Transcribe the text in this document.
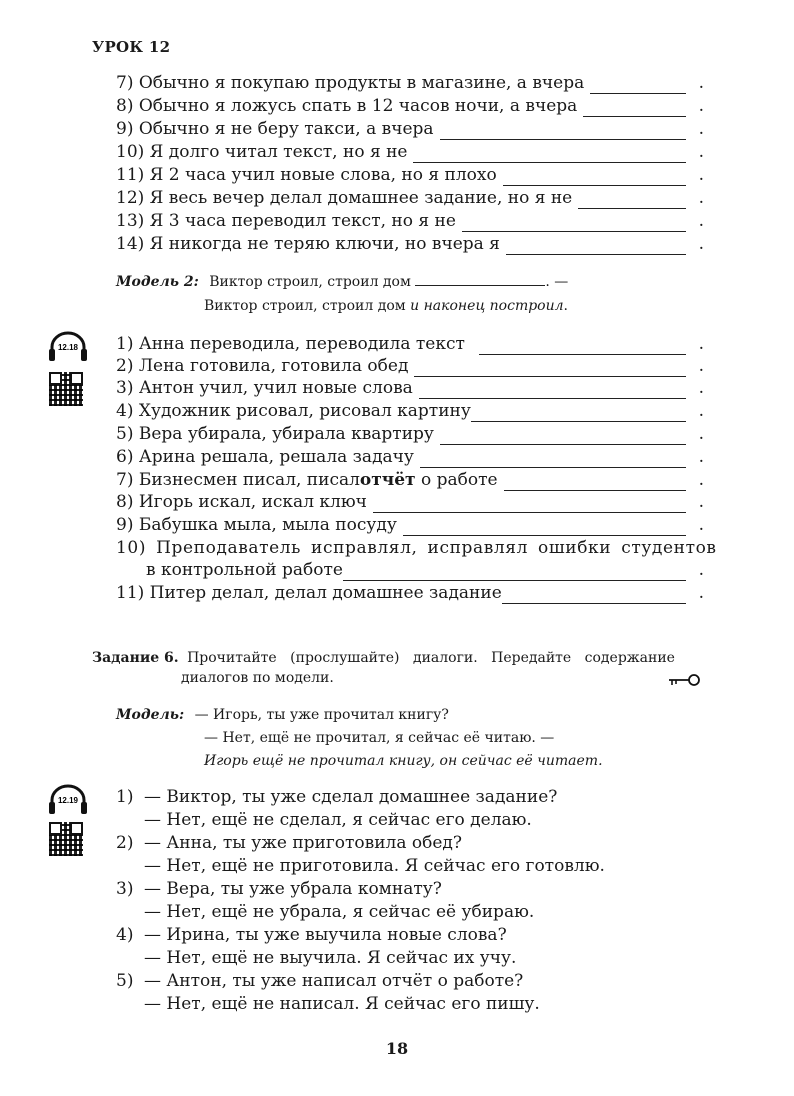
УРОК 12
7) Обычно я покупаю продукты в магазине, а вчера	.
8) Обычно я ложусь спать в 12 часов ночи, а вчера	.
9) Обычно я не беру такси, а вчера	.
10) Я долго читал текст, но я не	.
11) Я 2 часа учил новые слова, но я плохо	.
12) Я весь вечер делал домашнее задание, но я не	.
13) Я 3 часа переводил текст, но я не	.
14) Я никогда не теряю ключи, но вчера я	.
Модель 2: Виктор строил, строил дом	. —
Виктор строил, строил дом и наконец построил.
12.18 1) Анна переводила, переводила текст	.
2) Лена готовила, готовила обед	.
3) Антон учил, учил новые слова	.
4) Художник рисовал, рисовал картину	.
5) Вера убирала, убирала квартиру	.
6) Арина решала, решала задачу	.
7) Бизнесмен писал, писал отчёт о работе	.
8) Игорь искал, искал ключ	.
9) Бабушка мыла, мыла посуду	.
10) Преподаватель исправлял, исправлял ошибки студентов
в контрольной работе	.
11) Питер делал, делал домашнее задание	.
Задание 6. Прочитайте (прослушайте) диалоги. Передайте содержание
диалогов по модели.
Модель: — Игорь, ты уже прочитал книгу?
— Нет, ещё не прочитал, я сейчас её читаю. —
Игорь ещё не прочитал книгу, он сейчас её читает.
12.19 1) — Виктор, ты уже сделал домашнее задание?
— Нет, ещё не сделал, я сейчас его делаю.
2) — Анна, ты уже приготовила обед?
— Нет, ещё не приготовила. Я сейчас его готовлю.
3) — Вера, ты уже убрала комнату?
— Нет, ещё не убрала, я сейчас её убираю.
4) — Ирина, ты уже выучила новые слова?
— Нет, ещё не выучила. Я сейчас их учу.
5) — Антон, ты уже написал отчёт о работе?
— Нет, ещё не написал. Я сейчас его пишу.
18
